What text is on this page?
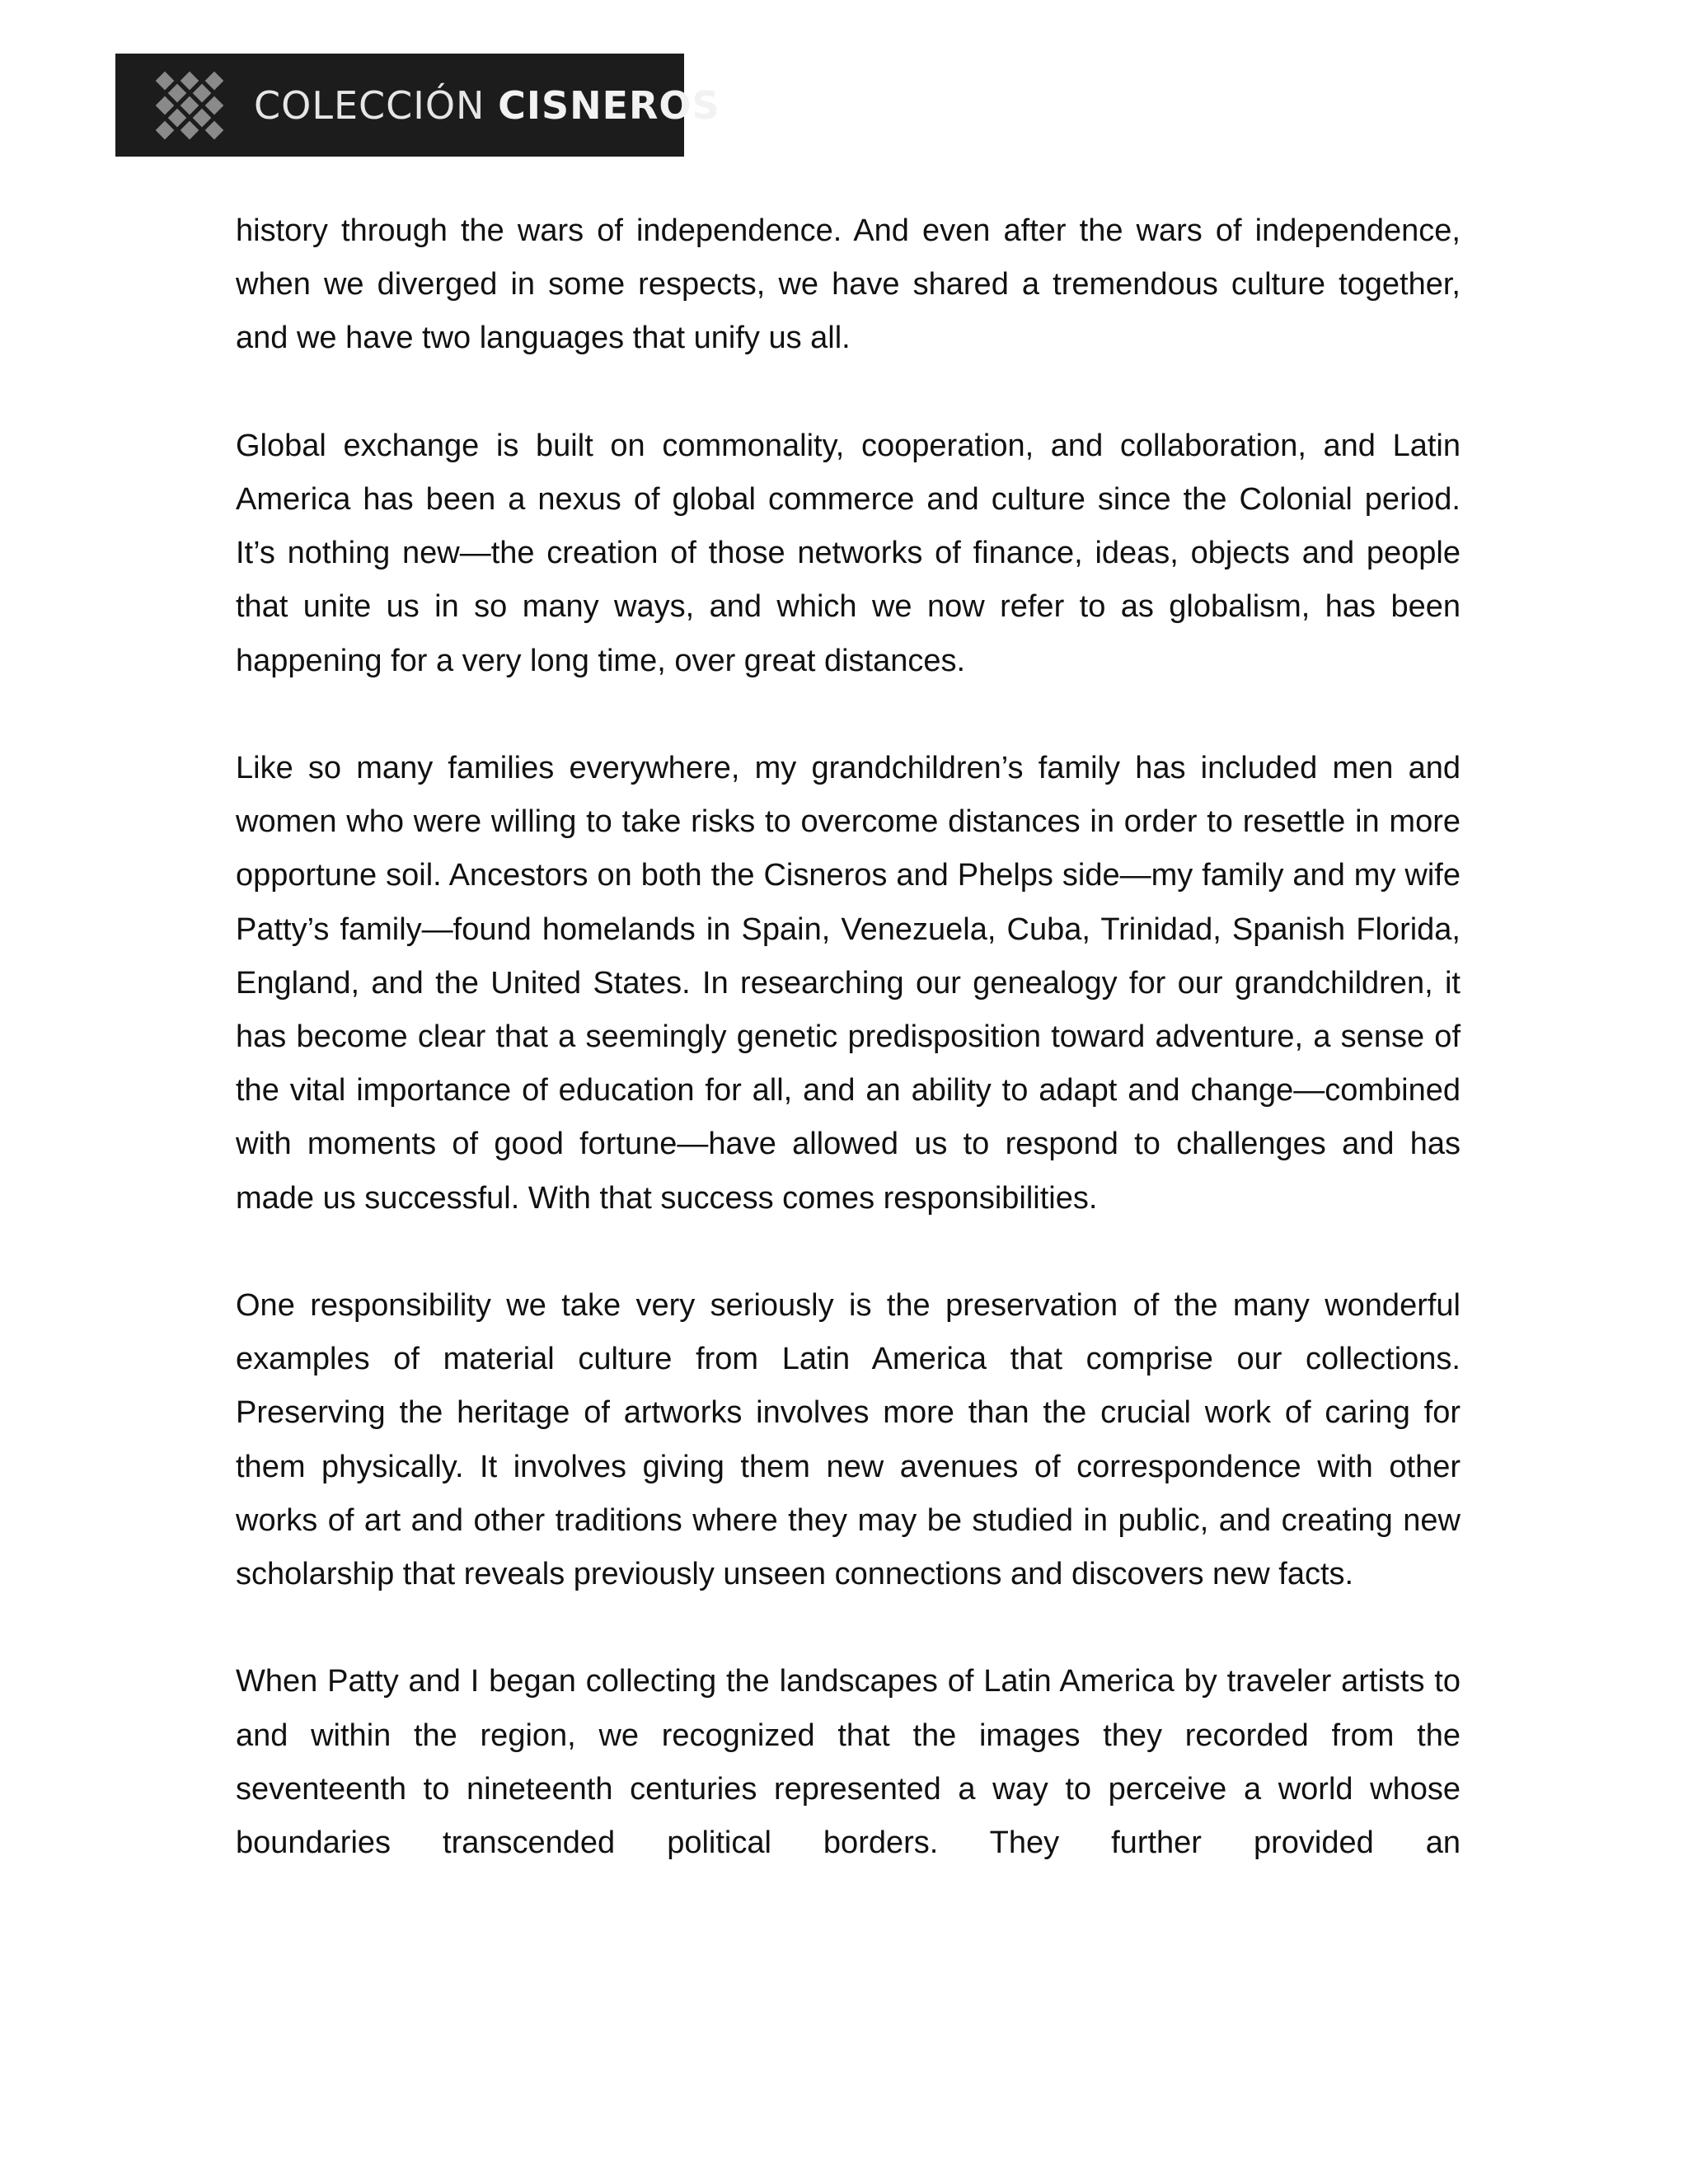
COLECCIÓN CISNEROS

history through the wars of independence. And even after the wars of independence, when we diverged in some respects, we have shared a tremendous culture together, and we have two languages that unify us all.

Global exchange is built on commonality, cooperation, and collaboration, and Latin America has been a nexus of global commerce and culture since the Colonial period. It’s nothing new—the creation of those networks of finance, ideas, objects and people that unite us in so many ways, and which we now refer to as globalism, has been happening for a very long time, over great distances.

Like so many families everywhere, my grandchildren’s family has included men and women who were willing to take risks to overcome distances in order to resettle in more opportune soil. Ancestors on both the Cisneros and Phelps side—my family and my wife Patty’s family—found homelands in Spain, Venezuela, Cuba, Trinidad, Spanish Florida, England, and the United States. In researching our genealogy for our grandchildren, it has become clear that a seemingly genetic predisposition toward adventure, a sense of the vital importance of education for all, and an ability to adapt and change—combined with moments of good fortune—have allowed us to respond to challenges and has made us successful. With that success comes responsibilities.

One responsibility we take very seriously is the preservation of the many wonderful examples of material culture from Latin America that comprise our collections. Preserving the heritage of artworks involves more than the crucial work of caring for them physically. It involves giving them new avenues of correspondence with other works of art and other traditions where they may be studied in public, and creating new scholarship that reveals previously unseen connections and discovers new facts.

When Patty and I began collecting the landscapes of Latin America by traveler artists to and within the region, we recognized that the images they recorded from the seventeenth to nineteenth centuries represented a way to perceive a world whose boundaries transcended political borders. They further provided an
